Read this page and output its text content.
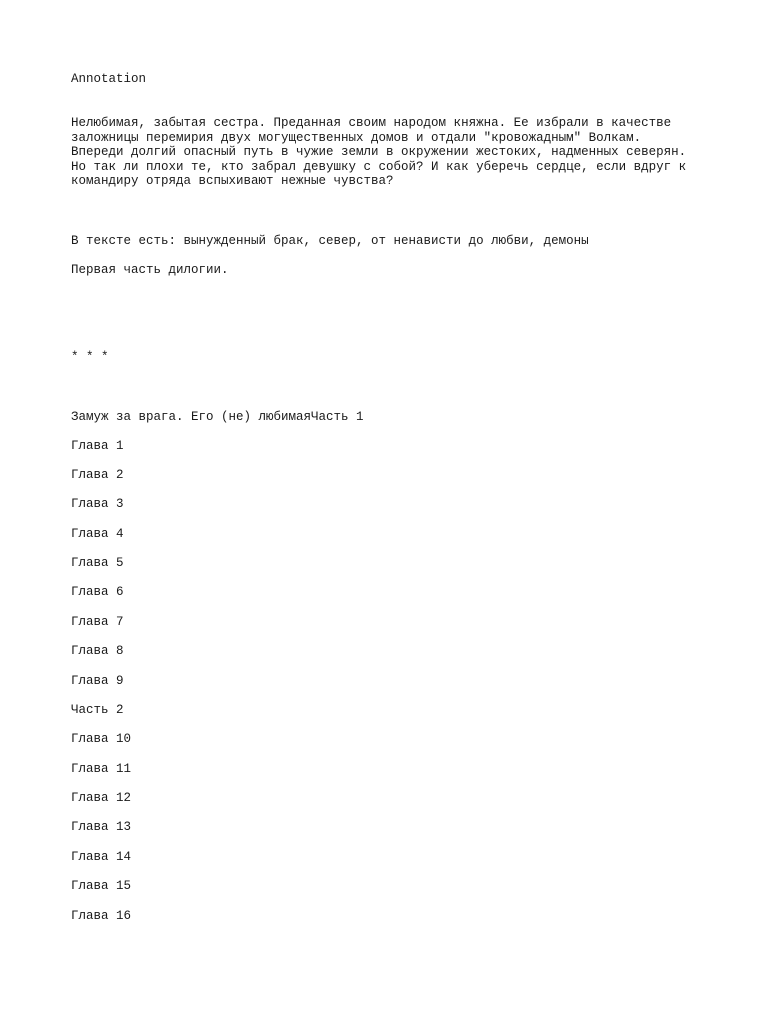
Annotation
Нелюбимая, забытая сестра. Преданная своим народом княжна. Ее избрали в качестве
заложницы перемирия двух могущественных домов и отдали "кровожадным" Волкам.
Впереди долгий опасный путь в чужие земли в окружении жестоких, надменных северян.
Но так ли плохи те, кто забрал девушку с собой? И как уберечь сердце, если вдруг к
командиру отряда вспыхивают нежные чувства?
В тексте есть: вынужденный брак, север, от ненависти до любви, демоны
Первая часть дилогии.
* * *
Замуж за врага. Его (не) любимаяЧасть 1
Глава 1
Глава 2
Глава 3
Глава 4
Глава 5
Глава 6
Глава 7
Глава 8
Глава 9
Часть 2
Глава 10
Глава 11
Глава 12
Глава 13
Глава 14
Глава 15
Глава 16
